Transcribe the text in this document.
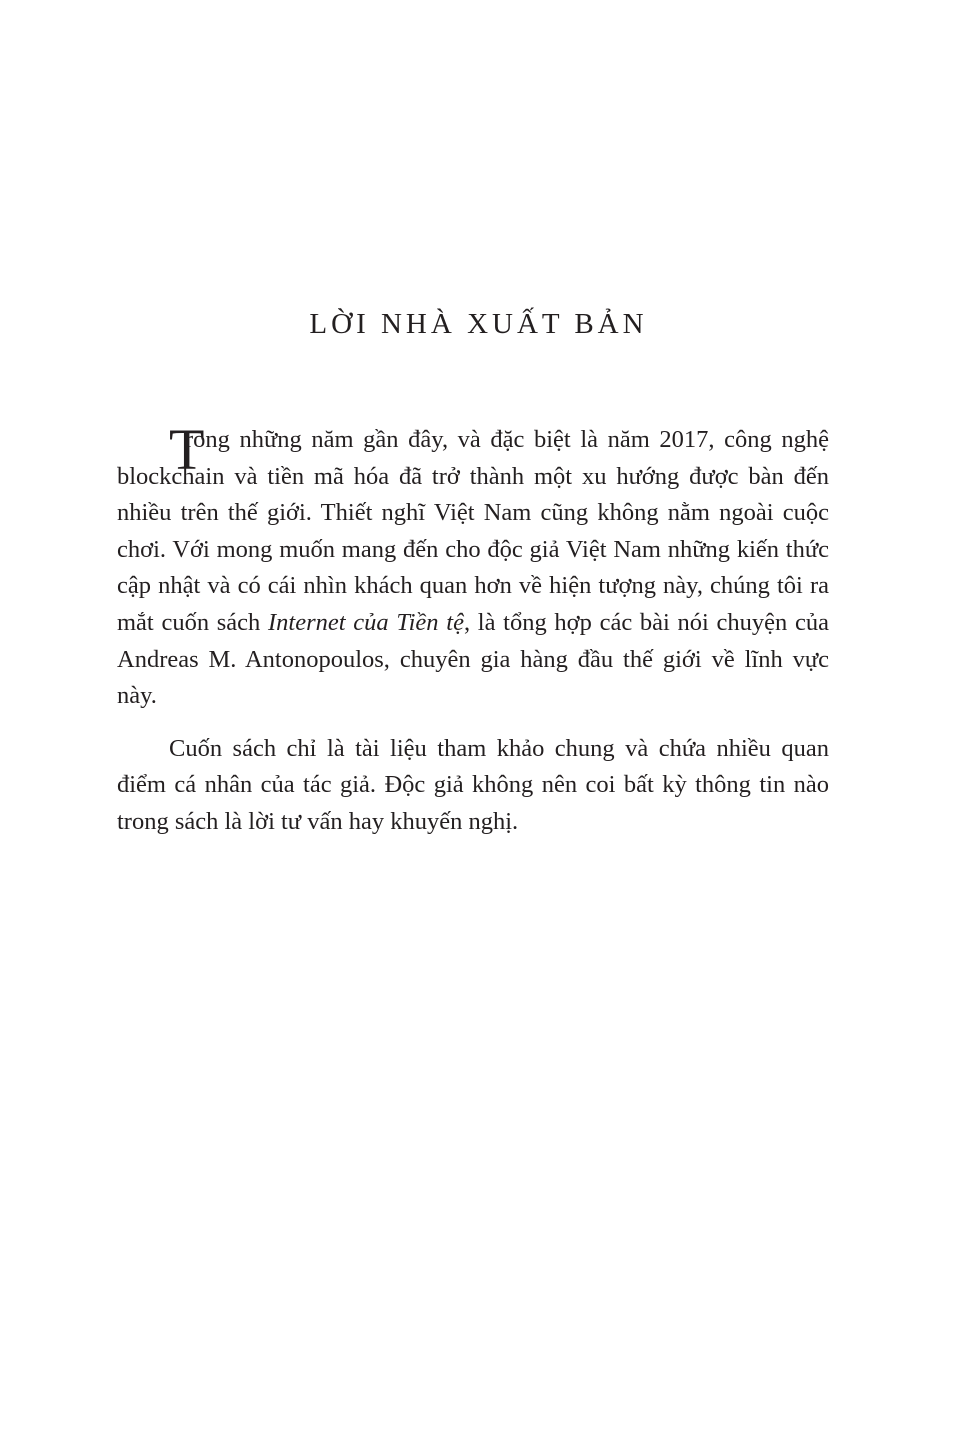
LỜI NHÀ XUẤT BẢN
T

rong những năm gần đây, và đặc biệt là năm 2017, công nghệ blockchain và tiền mã hóa đã trở thành một xu hướng được bàn đến nhiều trên thế giới. Thiết nghĩ Việt Nam cũng không nằm ngoài cuộc chơi. Với mong muốn mang đến cho độc giả Việt Nam những kiến thức cập nhật và có cái nhìn khách quan hơn về hiện tượng này, chúng tôi ra mắt cuốn sách Internet của Tiền tệ, là tổng hợp các bài nói chuyện của Andreas M. Antonopoulos, chuyên gia hàng đầu thế giới về lĩnh vực này.

Cuốn sách chỉ là tài liệu tham khảo chung và chứa nhiều quan điểm cá nhân của tác giả. Độc giả không nên coi bất kỳ thông tin nào trong sách là lời tư vấn hay khuyến nghị.
